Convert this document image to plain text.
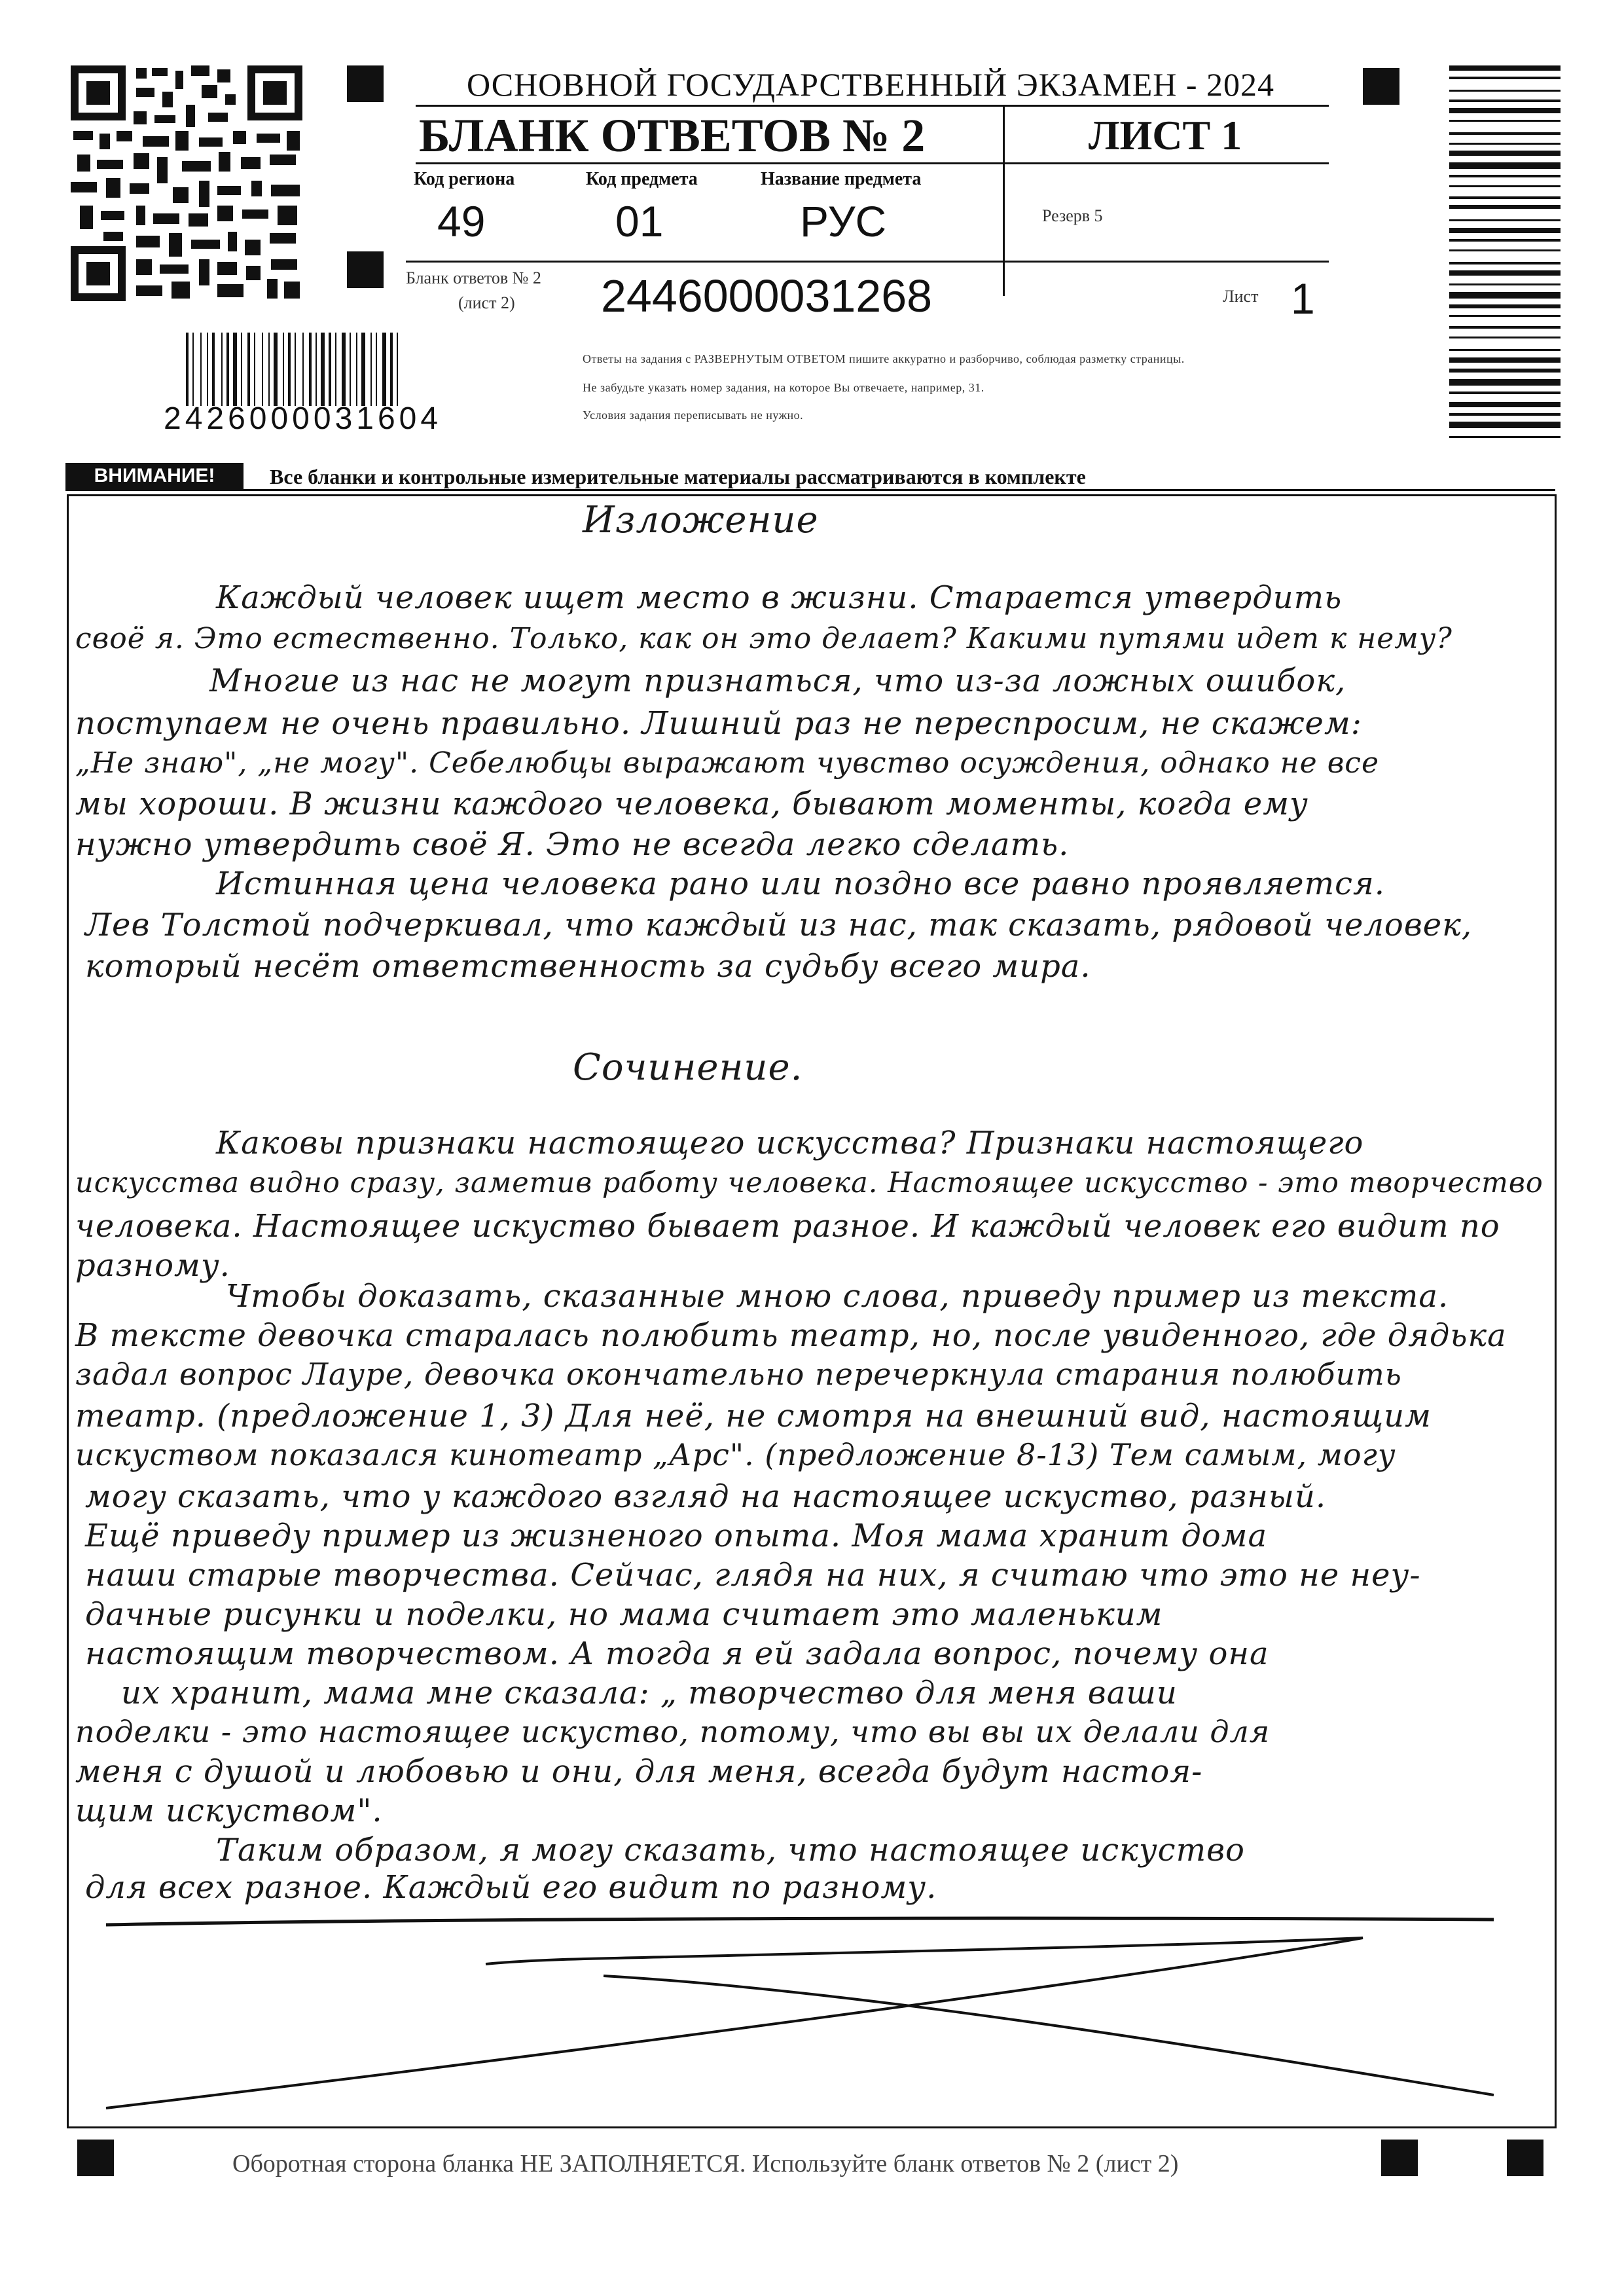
ОСНОВНОЙ ГОСУДАРСТВЕННЫЙ ЭКЗАМЕН - 2024
БЛАНК ОТВЕТОВ № 2	ЛИСТ 1
Код региона
49
Код предмета
01
Название предмета
РУС	Резерв 5
Бланк ответов № 2
(лист 2) 2446000031268	Лист 1
Ответы на задания с РАЗВЕРНУТЫМ ОТВЕТОМ пишите аккуратно и разборчиво, соблюдая разметку страницы.
Не забудьте указать номер задания, на которое Вы отвечаете, например, 31.
Условия задания переписывать не нужно.
2426000031604
ВНИМАНИЕ!	Все бланки и контрольные измерительные материалы рассматриваются в комплекте
Изложение
Каждый человек ищет место в жизни. Старается утвердить
своё я. Это естественно. Только, как он это делает? Какими путями идет к нему?
Многие из нас не могут признаться, что из-за ложных ошибок,
поступаем не очень правильно. Лишний раз не переспросим, не скажем:
„Не знаю", „не могу". Себелюбцы выражают чувство осуждения, однако не все
мы хороши. В жизни каждого человека, бывают моменты, когда ему
нужно утвердить своё Я. Это не всегда легко сделать.
Истинная цена человека рано или поздно все равно проявляется.
Лев Толстой подчеркивал, что каждый из нас, так сказать, рядовой человек,
который несёт ответственность за судьбу всего мира.
Сочинение.
Каковы признаки настоящего искусства? Признаки настоящего
искусства видно сразу, заметив работу человека. Настоящее искусство - это творчество
человека. Настоящее искуство бывает разное. И каждый человек его видит по
разному.
Чтобы доказать, сказанные мною слова, приведу пример из текста.
В тексте девочка старалась полюбить театр, но, после увиденного, где дядька
задал вопрос Лауре, девочка окончательно перечеркнула старания полюбить
театр. (предложение 1, 3) Для неё, не смотря на внешний вид, настоящим
искуством показался кинотеатр „Арс". (предложение 8-13) Тем самым, могу
могу сказать, что у каждого взгляд на настоящее искуство, разный.
Ещё приведу пример из жизненого опыта. Моя мама хранит дома
наши старые творчества. Сейчас, глядя на них, я считаю что это не неу-
дачные рисунки и поделки, но мама считает это маленьким
настоящим творчеством. А тогда я ей задала вопрос, почему она
их хранит, мама мне сказала: „ творчество для меня ваши
поделки - это настоящее искуство, потому, что вы вы их делали для
меня с душой и любовью и они, для меня, всегда будут настоя-
щим искуством".
Таким образом, я могу сказать, что настоящее искуство
для всех разное. Каждый его видит по разному.
Оборотная сторона бланка НЕ ЗАПОЛНЯЕТСЯ. Используйте бланк ответов № 2 (лист 2)
